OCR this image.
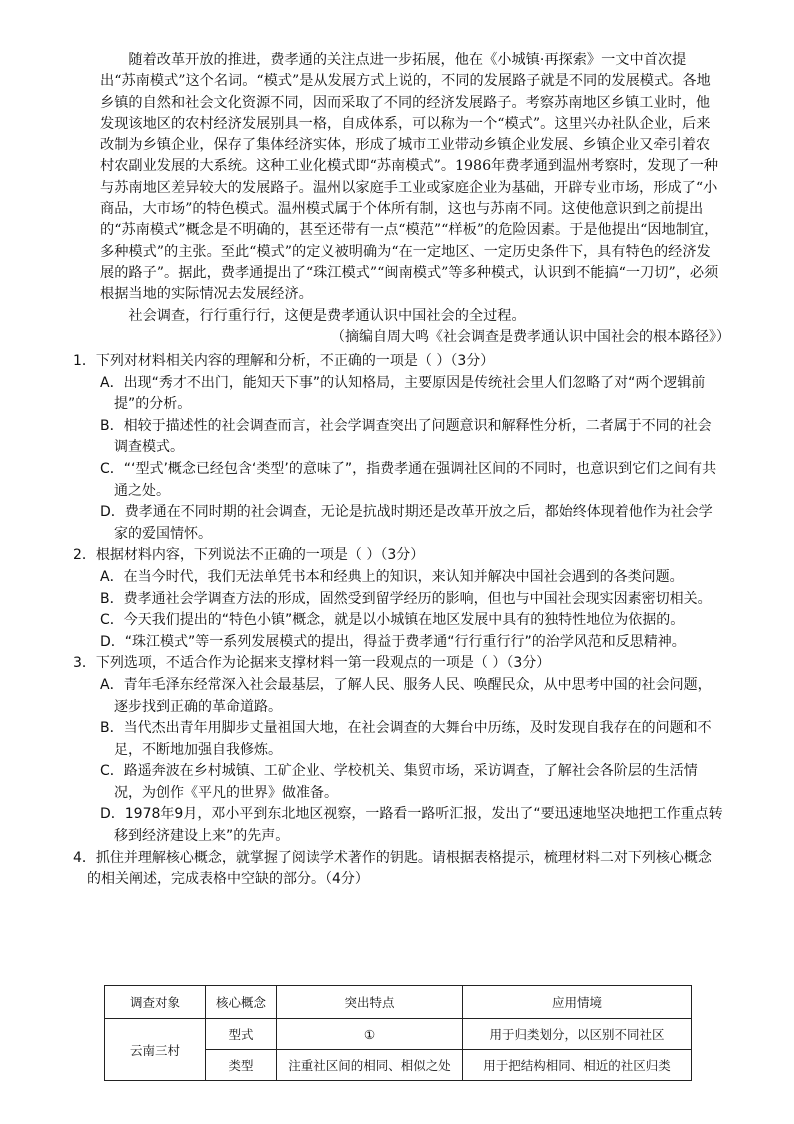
随着改革开放的推进，费孝通的关注点进一步拓展，他在《小城镇·再探索》一文中首次提出“苏南模式”这个名词。“模式”是从发展方式上说的，不同的发展路子就是不同的发展模式。各地乡镇的自然和社会文化资源不同，因而采取了不同的经济发展路子。考察苏南地区乡镇工业时，他发现该地区的农村经济发展别具一格，自成体系，可以称为一个“模式”。这里兴办社队企业，后来改制为乡镇企业，保存了集体经济实体，形成了城市工业带动乡镇企业发展、乡镇企业又牵引着农村农副业发展的大系统。这种工业化模式即“苏南模式”。1986年费孝通到温州考察时，发现了一种与苏南地区差异较大的发展路子。温州以家庭手工业或家庭企业为基础，开辟专业市场，形成了“小商品，大市场”的特色模式。温州模式属于个体所有制，这也与苏南不同。这使他意识到之前提出的“苏南模式”概念是不明确的，甚至还带有一点“模范”“样板”的危险因素。于是他提出“因地制宜，多种模式”的主张。至此“模式”的定义被明确为“在一定地区、一定历史条件下，具有特色的经济发展的路子”。据此，费孝通提出了“珠江模式”“闽南模式”等多种模式，认识到不能搞“一刀切”，必须根据当地的实际情况去发展经济。

社会调查，行行重行行，这便是费孝通认识中国社会的全过程。

（摘编自周大鸣《社会调查是费孝通认识中国社会的根本路径》）
1．下列对材料相关内容的理解和分析，不正确的一项是（ ）（3分）
A．出现“秀才不出门，能知天下事”的认知格局，主要原因是传统社会里人们忽略了对“两个逻辑前提”的分析。
B．相较于描述性的社会调查而言，社会学调查突出了问题意识和解释性分析，二者属于不同的社会调查模式。
C．“‘型式’概念已经包含‘类型’的意味了”，指费孝通在强调社区间的不同时，也意识到它们之间有共通之处。
D．费孝通在不同时期的社会调查，无论是抗战时期还是改革开放之后，都始终体现着他作为社会学家的爱国情怀。
2．根据材料内容，下列说法不正确的一项是（ ）（3分）
A．在当今时代，我们无法单凭书本和经典上的知识，来认知并解决中国社会遇到的各类问题。
B．费孝通社会学调查方法的形成，固然受到留学经历的影响，但也与中国社会现实因素密切相关。
C．今天我们提出的“特色小镇”概念，就是以小城镇在地区发展中具有的独特性地位为依据的。
D．“珠江模式”等一系列发展模式的提出，得益于费孝通“行行重行行”的治学风范和反思精神。
3．下列选项，不适合作为论据来支撑材料一第一段观点的一项是（ ）（3分）
A．青年毛泽东经常深入社会最基层，了解人民、服务人民、唤醒民众，从中思考中国的社会问题，逐步找到正确的革命道路。
B．当代杰出青年用脚步丈量祖国大地，在社会调查的大舞台中历练，及时发现自我存在的问题和不足，不断地加强自我修炼。
C．路遥奔波在乡村城镇、工矿企业、学校机关、集贸市场，采访调查，了解社会各阶层的生活情况，为创作《平凡的世界》做准备。
D．1978年9月，邓小平到东北地区视察，一路看一路听汇报，发出了“要迅速地坚决地把工作重点转移到经济建设上来”的先声。
4．抓住并理解核心概念，就掌握了阅读学术著作的钥匙。请根据表格提示，梳理材料二对下列核心概念的相关阐述，完成表格中空缺的部分。（4分）
调查对象	核心概念	突出特点	应用情境
云南三村	型式	①	用于归类划分，以区别不同社区
	类型	注重社区间的相同、相似之处	用于把结构相同、相近的社区归类
